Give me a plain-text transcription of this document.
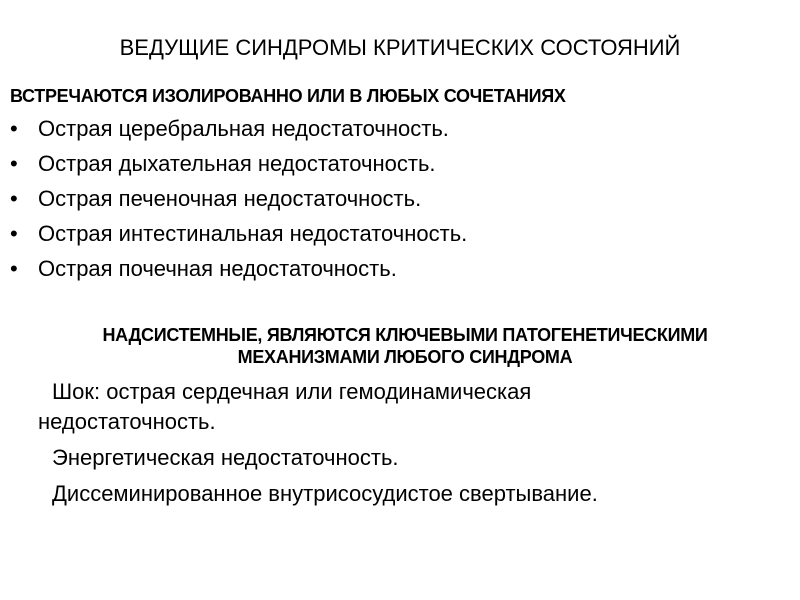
ВЕДУЩИЕ СИНДРОМЫ КРИТИЧЕСКИХ СОСТОЯНИЙ
ВСТРЕЧАЮТСЯ ИЗОЛИРОВАННО ИЛИ В ЛЮБЫХ СОЧЕТАНИЯХ
• Острая церебральная недостаточность.
• Острая дыхательная недостаточность.
• Острая печеночная недостаточность.
• Острая интестинальная недостаточность.
• Острая почечная недостаточность.
НАДСИСТЕМНЫЕ, ЯВЛЯЮТСЯ КЛЮЧЕВЫМИ ПАТОГЕНЕТИЧЕСКИМИ
МЕХАНИЗМАМИ ЛЮБОГО СИНДРОМА
Шок: острая сердечная или гемодинамическая
недостаточность.
Энергетическая недостаточность.
Диссеминированное внутрисосудистое свертывание.
